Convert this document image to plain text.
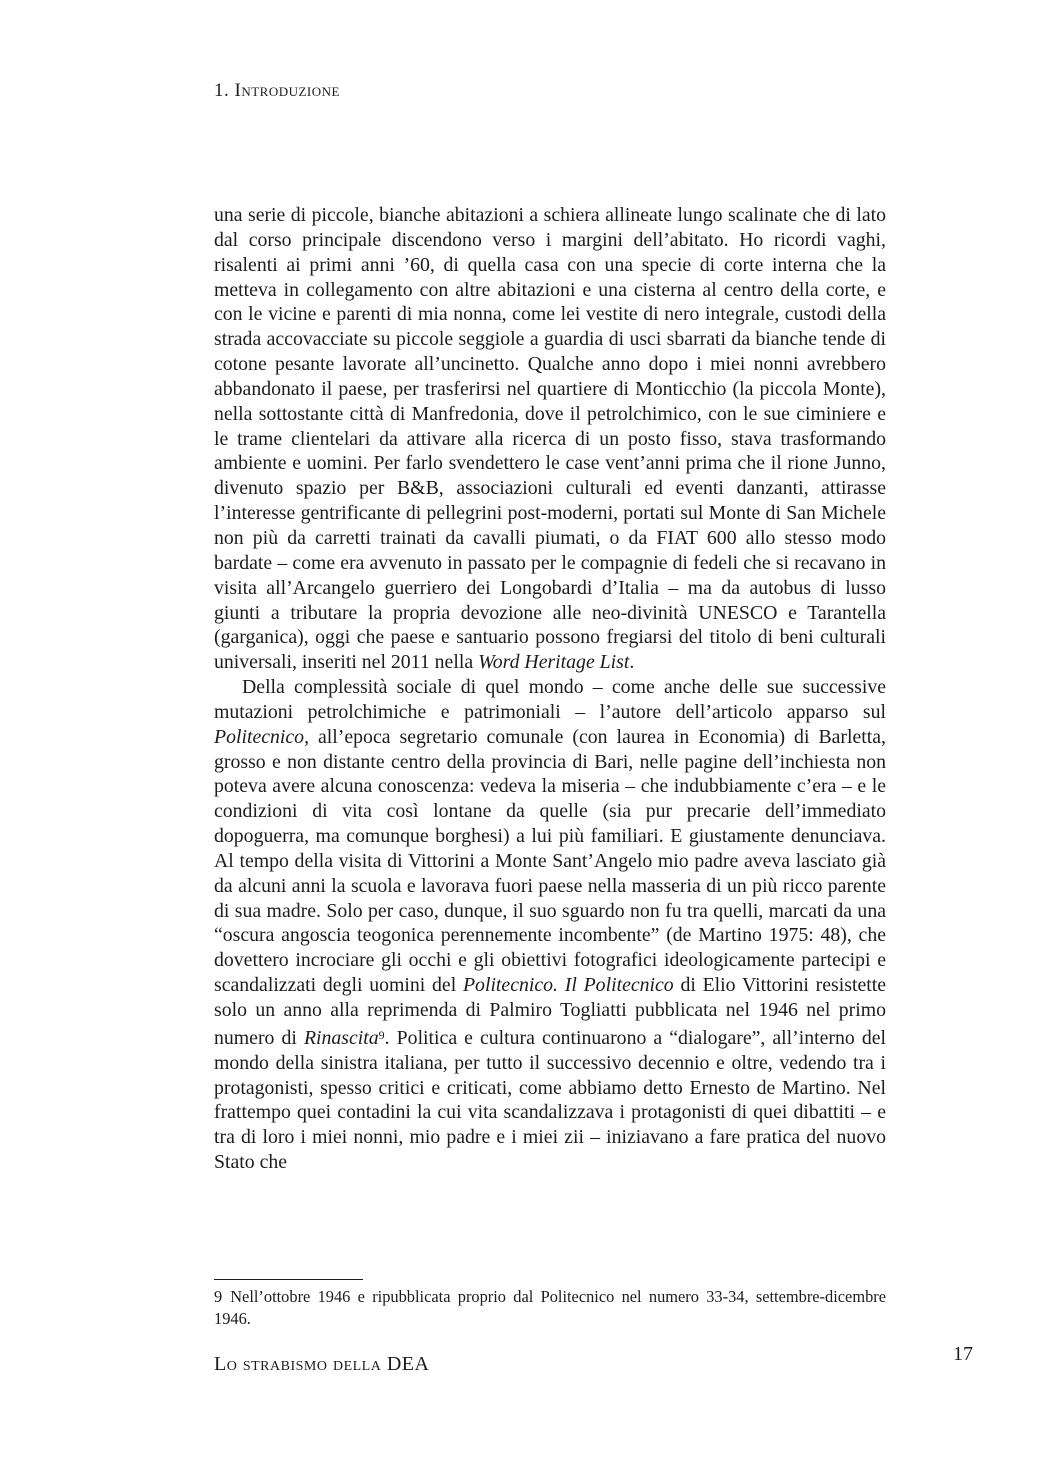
1. Introduzione

una serie di piccole, bianche abitazioni a schiera allineate lungo scalinate che di lato dal corso principale discendono verso i margini dell’abitato. Ho ricordi vaghi, risalenti ai primi anni ’60, di quella casa con una specie di corte interna che la metteva in collegamento con altre abitazioni e una cisterna al centro della corte, e con le vicine e parenti di mia nonna, come lei vestite di nero integrale, custodi della strada accovacciate su piccole seggiole a guardia di usci sbarrati da bianche tende di cotone pesante lavorate all’uncinetto. Qualche anno dopo i miei nonni avrebbero abbandonato il paese, per trasferirsi nel quartiere di Monticchio (la piccola Monte), nella sottostante città di Manfredonia, dove il petrolchimico, con le sue ciminiere e le trame clientelari da attivare alla ricerca di un posto fisso, stava trasformando ambiente e uomini. Per farlo svendettero le case vent’anni prima che il rione Junno, divenuto spazio per B&B, associazioni culturali ed eventi danzanti, attirasse l’interesse gentrificante di pellegrini post-moderni, portati sul Monte di San Michele non più da carretti trainati da cavalli piumati, o da FIAT 600 allo stesso modo bardate – come era avvenuto in passato per le compagnie di fedeli che si recavano in visita all’Arcangelo guerriero dei Longobardi d’Italia – ma da autobus di lusso giunti a tributare la propria devozione alle neo-divinità UNESCO e Tarantella (garganica), oggi che paese e santuario possono fregiarsi del titolo di beni culturali universali, inseriti nel 2011 nella Word Heritage List.

Della complessità sociale di quel mondo – come anche delle sue successive mutazioni petrolchimiche e patrimoniali – l’autore dell’articolo apparso sul Politecnico, all’epoca segretario comunale (con laurea in Economia) di Barletta, grosso e non distante centro della provincia di Bari, nelle pagine dell’inchiesta non poteva avere alcuna conoscenza: vedeva la miseria – che indubbiamente c’era – e le condizioni di vita così lontane da quelle (sia pur precarie dell’immediato dopoguerra, ma comunque borghesi) a lui più familiari. E giustamente denunciava. Al tempo della visita di Vittorini a Monte Sant’Angelo mio padre aveva lasciato già da alcuni anni la scuola e lavorava fuori paese nella masseria di un più ricco parente di sua madre. Solo per caso, dunque, il suo sguardo non fu tra quelli, marcati da una “oscura angoscia teogonica perennemente incombente” (de Martino 1975: 48), che dovettero incrociare gli occhi e gli obiettivi fotografici ideologicamente partecipi e scandalizzati degli uomini del Politecnico. Il Politecnico di Elio Vittorini resistette solo un anno alla reprimenda di Palmiro Togliatti pubblicata nel 1946 nel primo numero di Rinascita$^9$. Politica e cultura continuarono a “dialogare”, all’interno del mondo della sinistra italiana, per tutto il successivo decennio e oltre, vedendo tra i protagonisti, spesso critici e criticati, come abbiamo detto Ernesto de Martino. Nel frattempo quei contadini la cui vita scandalizzava i protagonisti di quei dibattiti – e tra di loro i miei nonni, mio padre e i miei zii – iniziavano a fare pratica del nuovo Stato che

9 Nell’ottobre 1946 e ripubblicata proprio dal Politecnico nel numero 33-34, settembre-dicembre 1946.

Lo strabismo della DEA	17
